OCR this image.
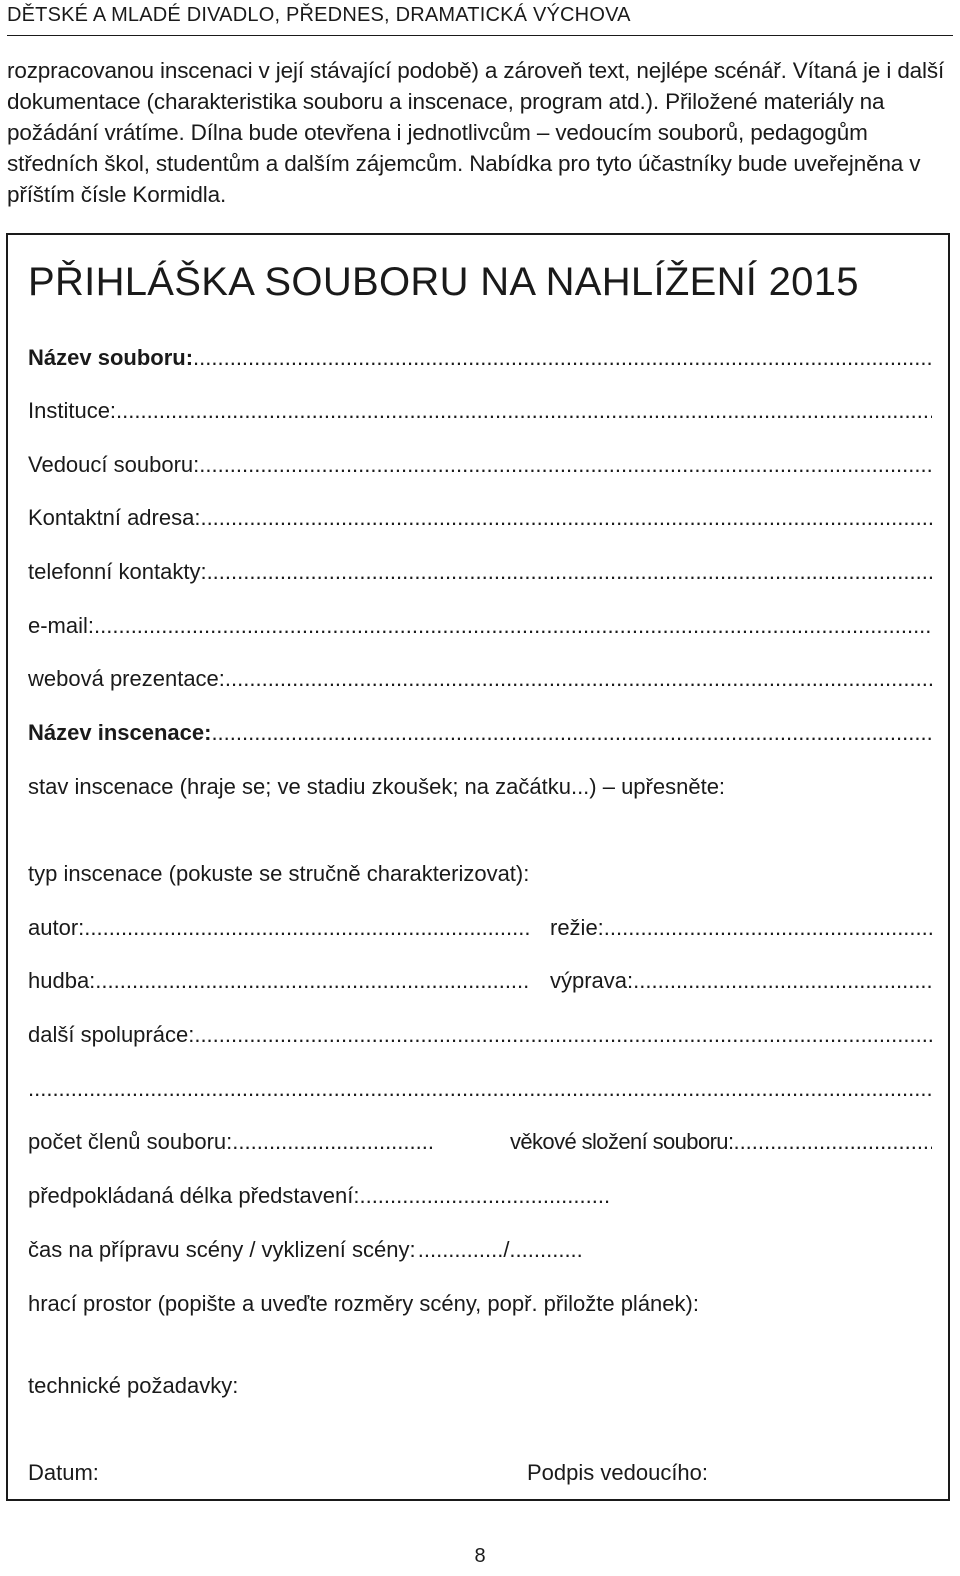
DĚTSKÉ A MLADÉ DIVADLO, PŘEDNES, DRAMATICKÁ VÝCHOVA

rozpracovanou inscenaci v její stávající podobě) a zároveň text, nejlépe scénář. Vítaná je i další dokumentace (charakteristika souboru a inscenace, program atd.). Přiložené materiály na požádání vrátíme. Dílna bude otevřena i jednotlivcům – vedoucím souborů, pedagogům středních škol, studentům a dalším zájemcům. Nabídka pro tyto účastníky bude uveřejněna v příštím čísle Kormidla.

PŘIHLÁŠKA SOUBORU NA NAHLÍŽENÍ 2015
Název souboru:
.....
Instituce:
.....
Vedoucí souboru:
.....
Kontaktní adresa:
.....
telefonní kontakty:
.....
e-mail:
.....
webová prezentace:
.....
Název inscenace:
.....
stav inscenace (hraje se; ve stadiu zkoušek; na začátku...) – upřesněte:
typ inscenace (pokuste se stručně charakterizovat):
autor: .....	režie:
.....
hudba: .....	výprava:
.....
další spolupráce:
.....
.....
počet členů souboru: .....	věkové složení souboru:
.....
předpokládaná délka představení:
.....
čas na přípravu scény / vyklizení scény: ............../............
hrací prostor (popište a uveďte rozměry scény, popř. přiložte plánek):
technické požadavky:
Datum:	Podpis vedoucího:
8
